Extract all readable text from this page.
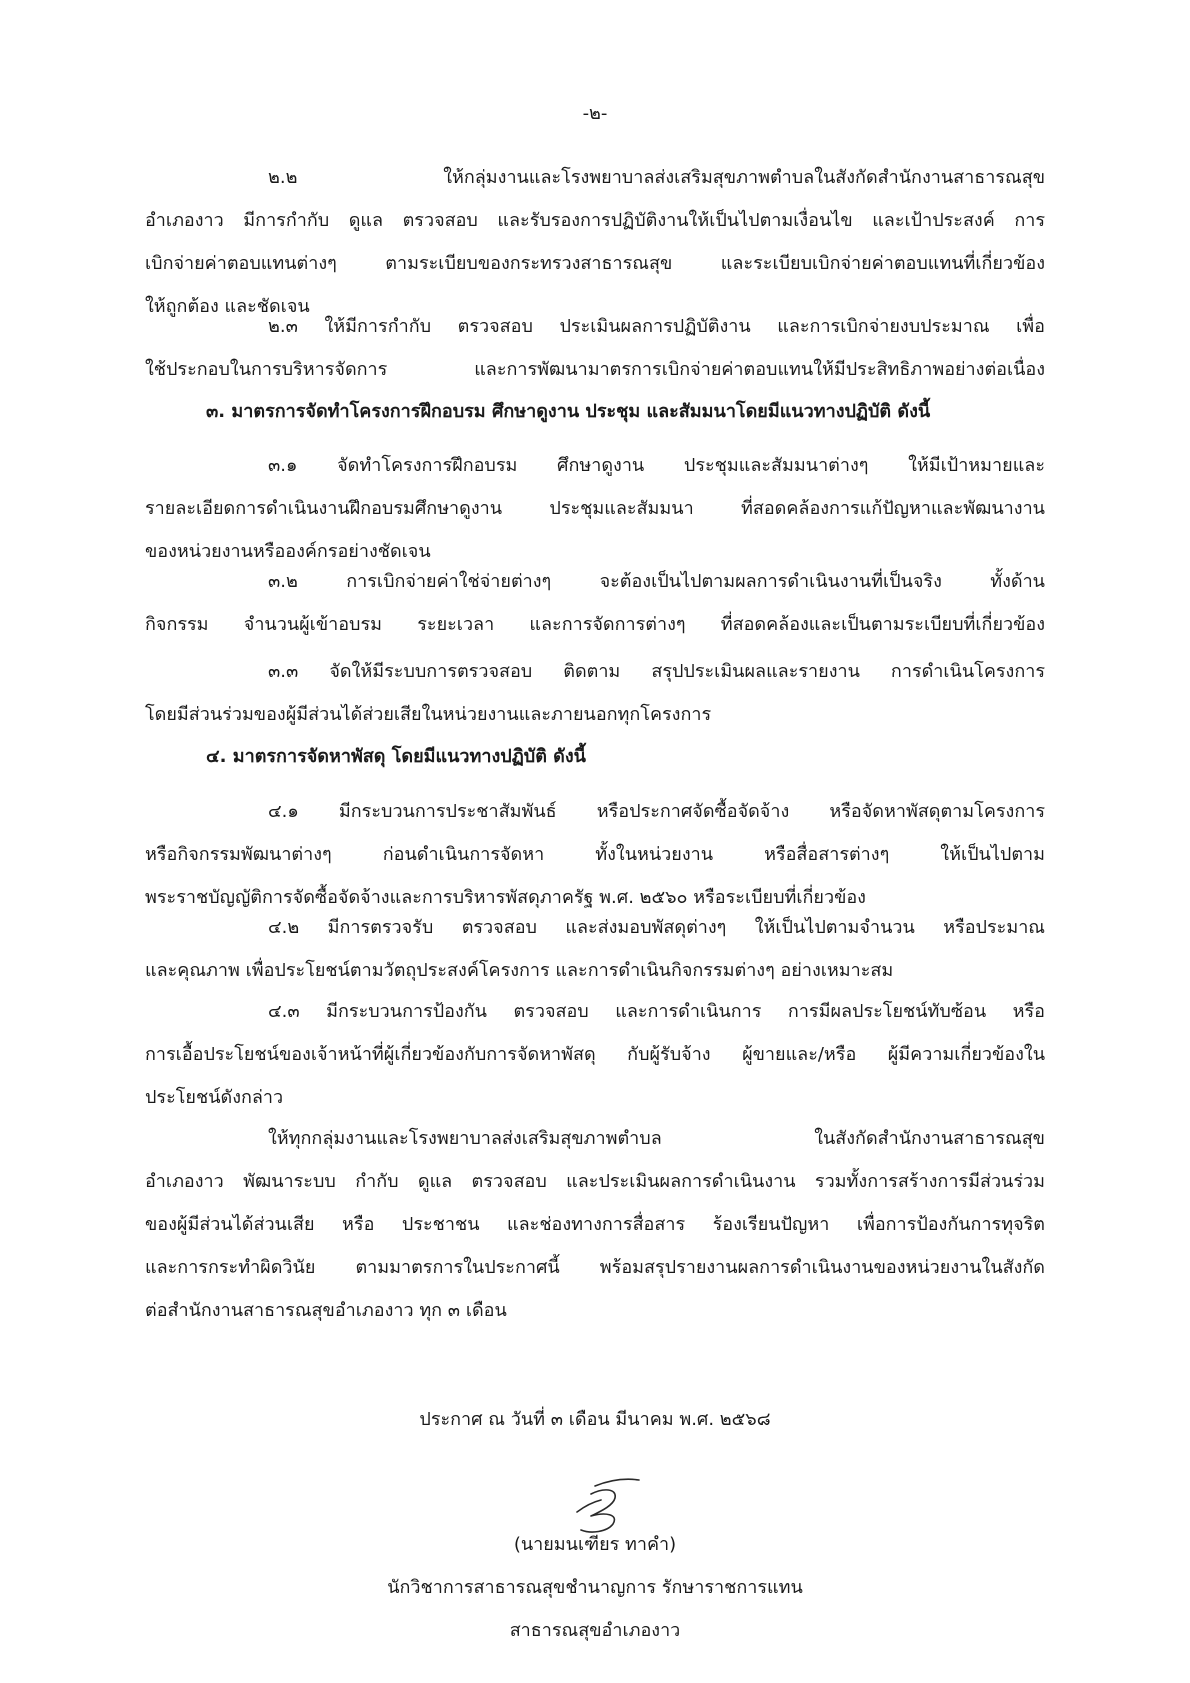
-๒-
๒.๒ ให้กลุ่มงานและโรงพยาบาลส่งเสริมสุขภาพตำบลในสังกัดสำนักงานสาธารณสุข
อำเภองาว มีการกำกับ ดูแล ตรวจสอบ และรับรองการปฏิบัติงานให้เป็นไปตามเงื่อนไข และเป้าประสงค์ การ
เบิกจ่ายค่าตอบแทนต่างๆ ตามระเบียบของกระทรวงสาธารณสุข และระเบียบเบิกจ่ายค่าตอบแทนที่เกี่ยวข้อง
ให้ถูกต้อง และชัดเจน
๒.๓ ให้มีการกำกับ ตรวจสอบ ประเมินผลการปฏิบัติงาน และการเบิกจ่ายงบประมาณ เพื่อ
ใช้ประกอบในการบริหารจัดการ และการพัฒนามาตรการเบิกจ่ายค่าตอบแทนให้มีประสิทธิภาพอย่างต่อเนื่อง
๓. มาตรการจัดทำโครงการฝึกอบรม ศึกษาดูงาน ประชุม และสัมมนาโดยมีแนวทางปฏิบัติ ดังนี้
๓.๑ จัดทำโครงการฝึกอบรม ศึกษาดูงาน ประชุมและสัมมนาต่างๆ ให้มีเป้าหมายและ
รายละเอียดการดำเนินงานฝึกอบรมศึกษาดูงาน ประชุมและสัมมนา ที่สอดคล้องการแก้ปัญหาและพัฒนางาน
ของหน่วยงานหรือองค์กรอย่างชัดเจน
๓.๒ การเบิกจ่ายค่าใช่จ่ายต่างๆ จะต้องเป็นไปตามผลการดำเนินงานที่เป็นจริง ทั้งด้าน
กิจกรรม จำนวนผู้เข้าอบรม ระยะเวลา และการจัดการต่างๆ ที่สอดคล้องและเป็นตามระเบียบที่เกี่ยวข้อง
๓.๓ จัดให้มีระบบการตรวจสอบ ติดตาม สรุปประเมินผลและรายงาน การดำเนินโครงการ
โดยมีส่วนร่วมของผู้มีส่วนได้ส่วยเสียในหน่วยงานและภายนอกทุกโครงการ
๔. มาตรการจัดหาพัสดุ โดยมีแนวทางปฏิบัติ ดังนี้
๔.๑ มีกระบวนการประชาสัมพันธ์ หรือประกาศจัดซื้อจัดจ้าง หรือจัดหาพัสดุตามโครงการ
หรือกิจกรรมพัฒนาต่างๆ ก่อนดำเนินการจัดหา ทั้งในหน่วยงาน หรือสื่อสารต่างๆ ให้เป็นไปตาม
พระราชบัญญัติการจัดซื้อจัดจ้างและการบริหารพัสดุภาครัฐ พ.ศ. ๒๕๖๐ หรือระเบียบที่เกี่ยวข้อง
๔.๒ มีการตรวจรับ ตรวจสอบ และส่งมอบพัสดุต่างๆ ให้เป็นไปตามจำนวน หรือประมาณ
และคุณภาพ เพื่อประโยชน์ตามวัตถุประสงค์โครงการ และการดำเนินกิจกรรมต่างๆ อย่างเหมาะสม
๔.๓ มีกระบวนการป้องกัน ตรวจสอบ และการดำเนินการ การมีผลประโยชน์ทับซ้อน หรือ
การเอื้อประโยชน์ของเจ้าหน้าที่ผู้เกี่ยวข้องกับการจัดหาพัสดุ กับผู้รับจ้าง ผู้ขายและ/หรือ ผู้มีความเกี่ยวข้องใน
ประโยชน์ดังกล่าว
ให้ทุกกลุ่มงานและโรงพยาบาลส่งเสริมสุขภาพตำบล ในสังกัดสำนักงานสาธารณสุข
อำเภองาว พัฒนาระบบ กำกับ ดูแล ตรวจสอบ และประเมินผลการดำเนินงาน รวมทั้งการสร้างการมีส่วนร่วม
ของผู้มีส่วนได้ส่วนเสีย หรือ ประชาชน และช่องทางการสื่อสาร ร้องเรียนปัญหา เพื่อการป้องกันการทุจริต
และการกระทำผิดวินัย ตามมาตรการในประกาศนี้ พร้อมสรุปรายงานผลการดำเนินงานของหน่วยงานในสังกัด
ต่อสำนักงานสาธารณสุขอำเภองาว ทุก ๓ เดือน
ประกาศ ณ วันที่ ๓ เดือน มีนาคม พ.ศ. ๒๕๖๘
(นายมนเฑียร ทาคำ)
นักวิชาการสาธารณสุขชำนาญการ รักษาราชการแทน
สาธารณสุขอำเภองาว
